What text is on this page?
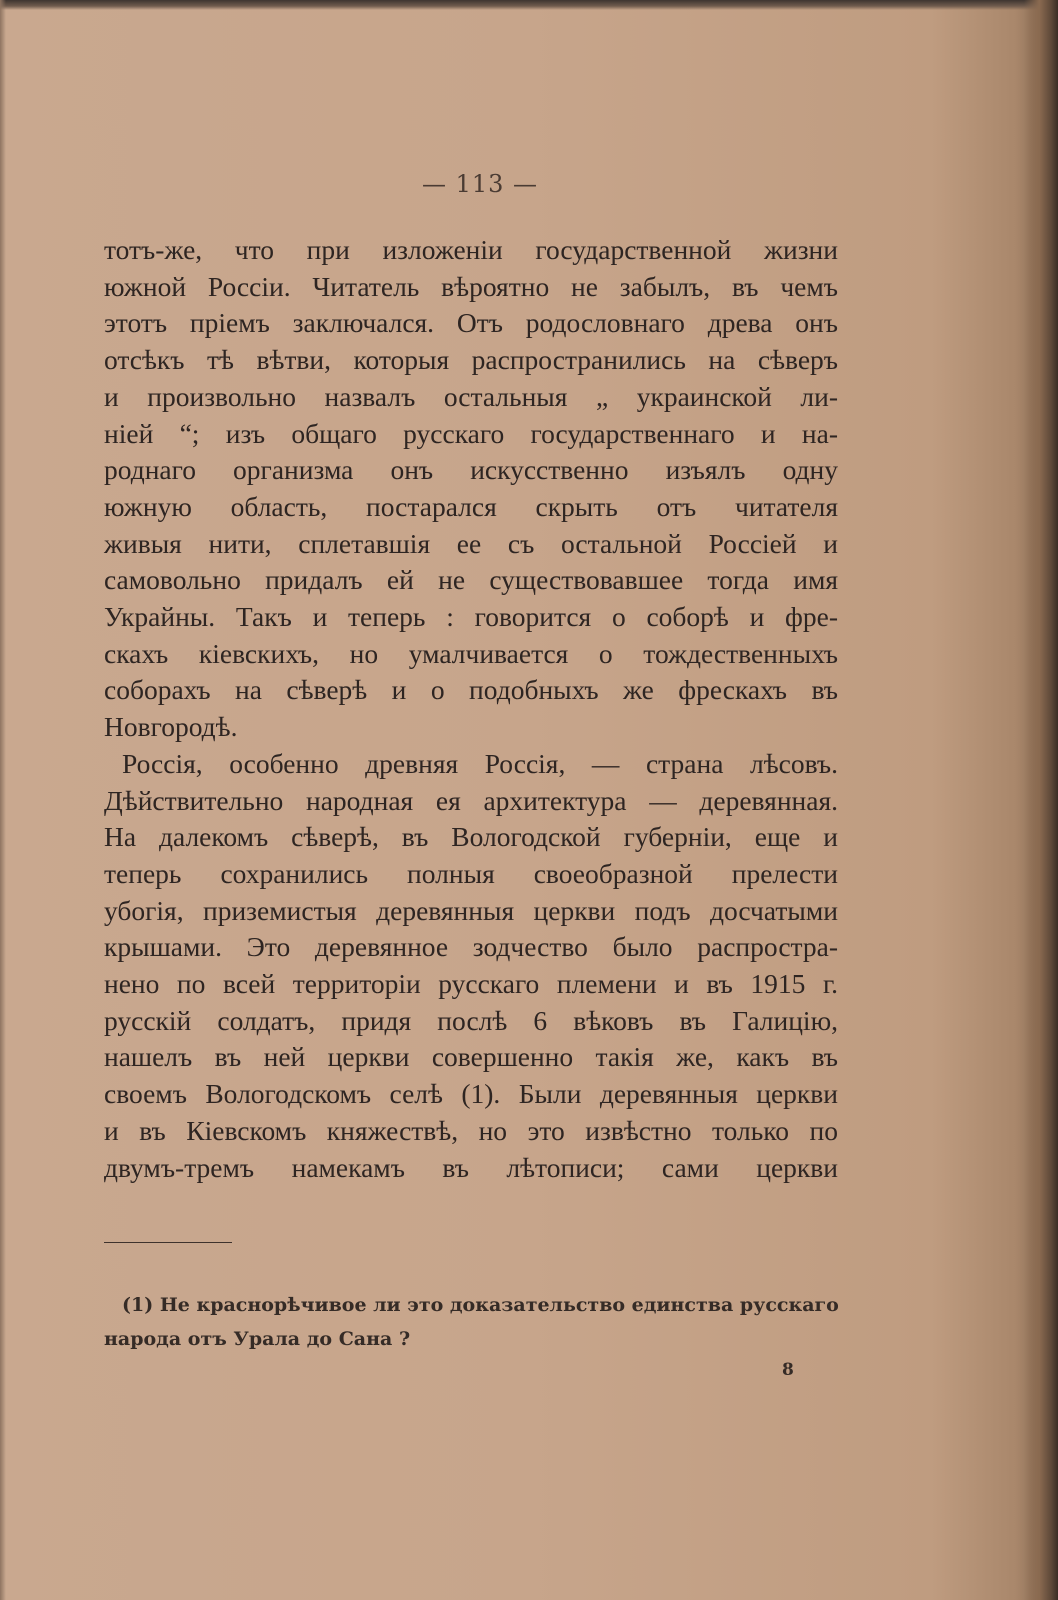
— 113 —
тотъ-же, что при изложеніи государственной жизни
южной Россіи. Читатель вѣроятно не забылъ, въ чемъ
этотъ пріемъ заключался. Отъ родословнаго древа онъ
отсѣкъ тѣ вѣтви, которыя распространились на сѣверъ
и произвольно назвалъ остальныя „ украинской ли-
ніей “; изъ общаго русскаго государственнаго и на-
роднаго организма онъ искусственно изъялъ одну
южную область, постарался скрыть отъ читателя
живыя нити, сплетавшія ее съ остальной Россіей и
самовольно придалъ ей не существовавшее тогда имя
Украйны. Такъ и теперь : говорится о соборѣ и фре-
скахъ кіевскихъ, но умалчивается о тождественныхъ
соборахъ на сѣверѣ и о подобныхъ же фрескахъ въ
Новгородѣ.
Россія, особенно древняя Россія, — страна лѣсовъ.
Дѣйствительно народная ея архитектура — деревянная.
На далекомъ сѣверѣ, въ Вологодской губерніи, еще и
теперь сохранились полныя своеобразной прелести
убогія, приземистыя деревянныя церкви подъ досчатыми
крышами. Это деревянное зодчество было распростра-
нено по всей территоріи русскаго племени и въ 1915 г.
русскій солдатъ, придя послѣ 6 вѣковъ въ Галицію,
нашелъ въ ней церкви совершенно такія же, какъ въ
своемъ Вологодскомъ селѣ (1). Были деревянныя церкви
и въ Кіевскомъ княжествѣ, но это извѣстно только по
двумъ-тремъ намекамъ въ лѣтописи; сами церкви
(1) Не краснорѣчивое ли это доказательство единства русскаго
народа отъ Урала до Сана ?
8
